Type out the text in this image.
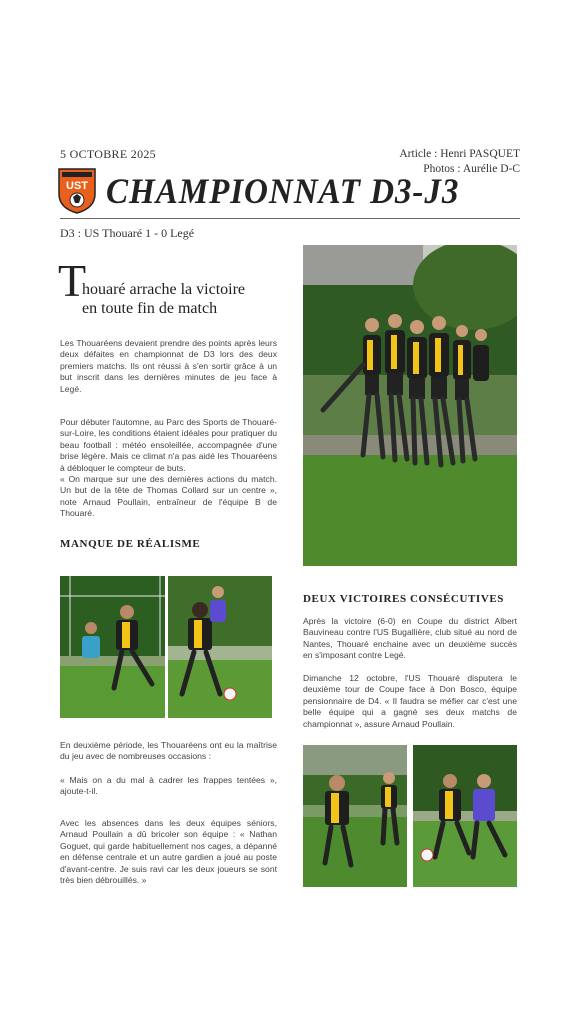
5 OCTOBRE 2025	Article : Henri PASQUET
Photos : Aurélie D-C
UST CHAMPIONNAT D3-J3
D3 : US Thouaré 1 - 0 Legé
T
houaré arrache la victoire
en toute fin de match
Les Thouaréens devaient prendre des points après leurs deux défaites en championnat de D3 lors des deux premiers matchs. Ils ont réussi à s'en sortir grâce à un but inscrit dans les dernières minutes de jeu face à Legé.
Pour débuter l'automne, au Parc des Sports de Thouaré-sur-Loire, les conditions étaient idéales pour pratiquer du beau football : météo ensoleillée, accompagnée d'une brise légère. Mais ce climat n'a pas aidé les Thouaréens à débloquer le compteur de buts.
« On marque sur une des dernières actions du match. Un but de la tête de Thomas Collard sur un centre », note Arnaud Poullain, entraîneur de l'équipe B de Thouaré.
MANQUE DE RÉALISME
En deuxième période, les Thouaréens ont eu la maîtrise du jeu avec de nombreuses occasions :
« Mais on a du mal à cadrer les frappes tentées », ajoute-t-il.
Avec les absences dans les deux équipes séniors, Arnaud Poullain a dû bricoler son équipe : « Nathan Goguet, qui garde habituellement nos cages, a dépanné en défense centrale et un autre gardien a joué au poste d'avant-centre. Je suis ravi car les deux joueurs se sont très bien débrouillés. »
DEUX VICTOIRES CONSÉCUTIVES
Après la victoire (6-0) en Coupe du district Albert Bauvineau contre l'US Bugallière, club situé au nord de Nantes, Thouaré enchaine avec un deuxième succès en s'imposant contre Legé.
Dimanche 12 octobre, l'US Thouaré disputera le deuxième tour de Coupe face à Don Bosco, équipe pensionnaire de D4. « Il faudra se méfier car c'est une belle équipe qui a gagné ses deux matchs de championnat », assure Arnaud Poullain.
